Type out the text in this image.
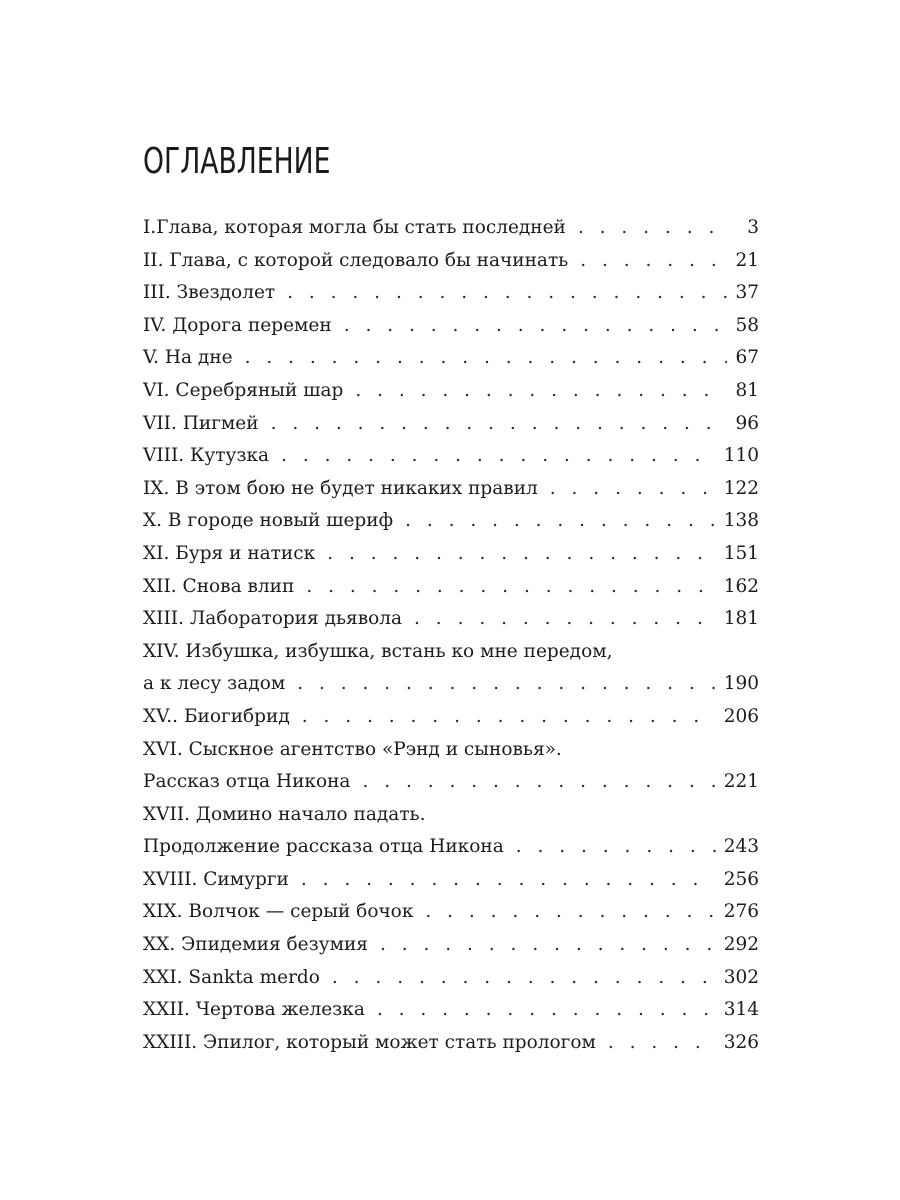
ОГЛАВЛЕНИЕ
I.Глава, которая могла бы стать последней . . .	3
II. Глава, с которой следовало бы начинать . . .	21
III. Звездолет . . .	37
IV. Дорога перемен . . .	58
V. На дне . . .	67
VI. Серебряный шар . . .	81
VII. Пигмей . . .	96
VIII. Кутузка . . .	110
IX. В этом бою не будет никаких правил . . .	122
X. В городе новый шериф . . .	138
XI. Буря и натиск . . .	151
XII. Снова влип . . .	162
XIII. Лаборатория дьявола . . .	181
XIV. Избушка, избушка, встань ко мне передом,
а к лесу задом . . .	190
XV.. Биогибрид . . .	206
XVI. Сыскное агентство «Рэнд и сыновья».
Рассказ отца Никона . . .	221
XVII. Домино начало падать.
Продолжение рассказа отца Никона . . .	243
XVIII. Симурги . . .	256
XIX. Волчок — серый бочок . . .	276
XX. Эпидемия безумия . . .	292
XXI. Sankta merdo . . .	302
XXII. Чертова железка . . .	314
XXIII. Эпилог, который может стать прологом . . .	326
